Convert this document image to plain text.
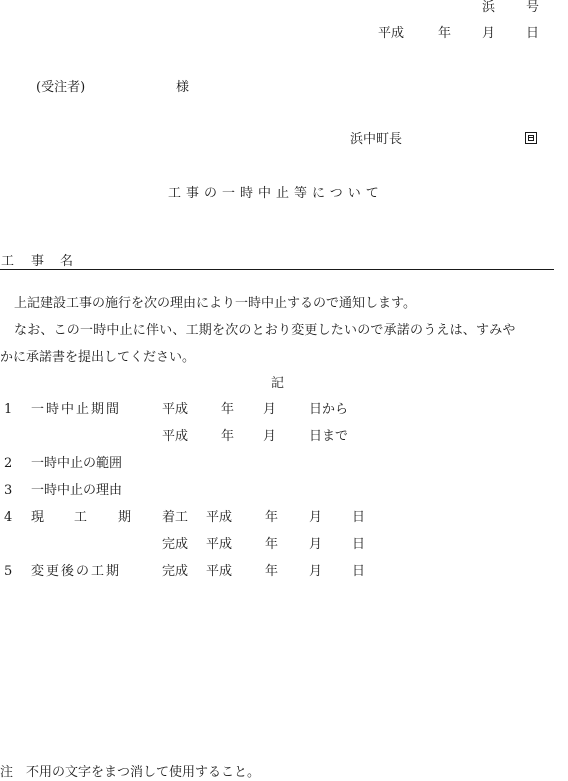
浜 号
平成	年 月 日
(受注者)	様
浜中町長
工事の一時中止等について
工 事 名
上記建設工事の施行を次の理由により一時中止するので通知します。
なお、この一時中止に伴い、工期を次のとおり変更したいので承諾のうえは、すみや
かに承諾書を提出してください。
記
1 一時中止期間	平成	年 月	日から
平成	年 月	日まで
2 一時中止の範囲
3 一時中止の理由
4 現 工 期 着工 平成	年 月 日
完成 平成	年 月 日
5 変更後の工期	完成 平成	年 月 日
注　不用の文字をまつ消して使用すること。
